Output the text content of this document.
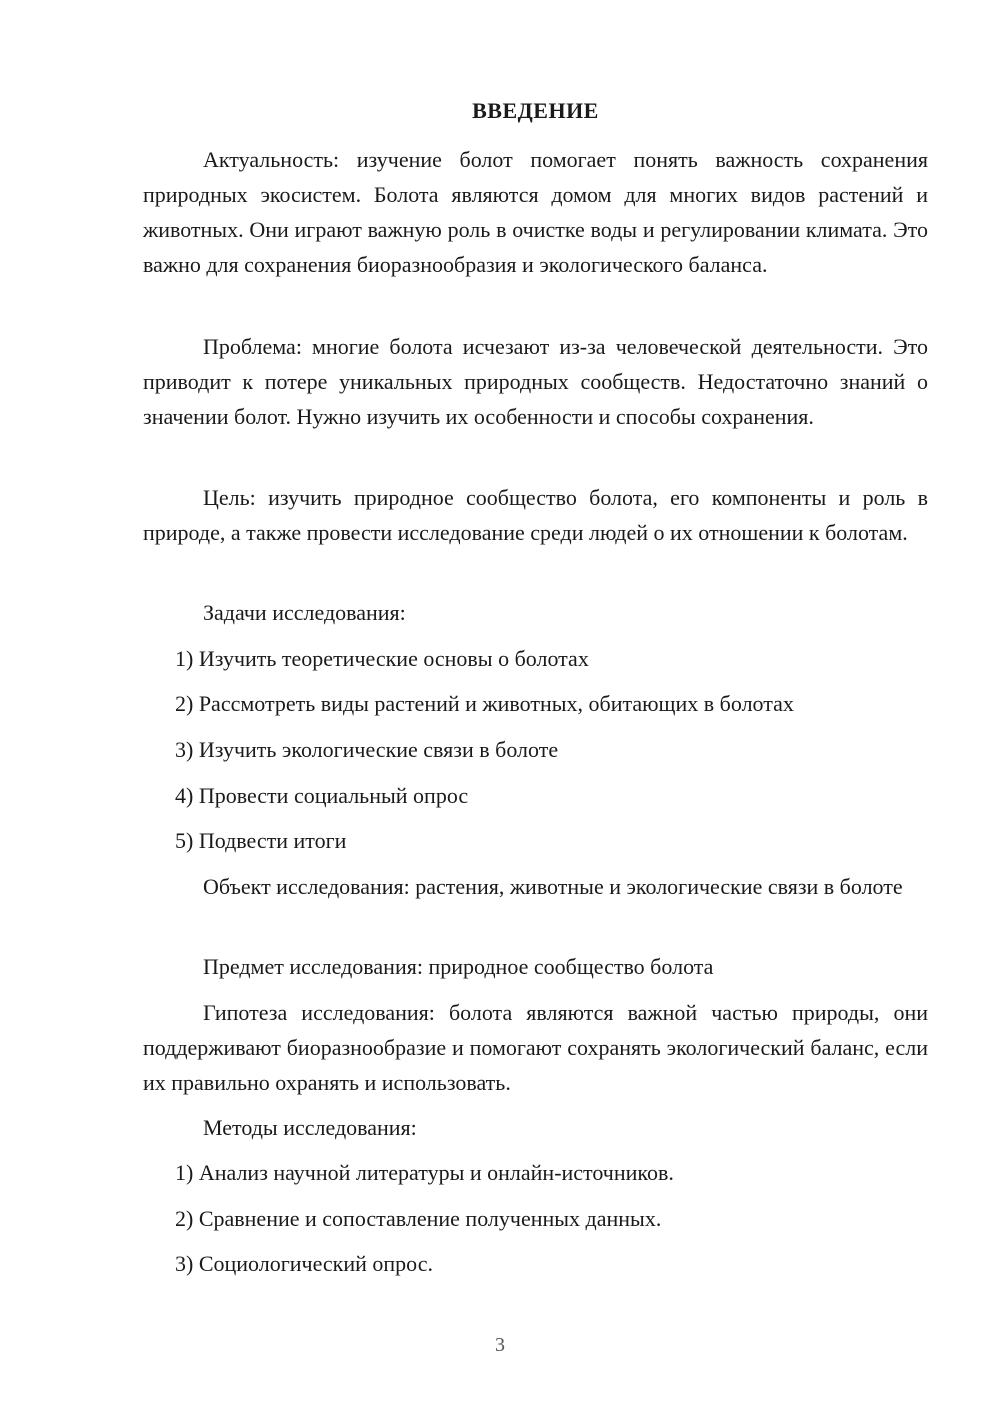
ВВЕДЕНИЕ

Актуальность: изучение болот помогает понять важность сохранения природных экосистем. Болота являются домом для многих видов растений и животных. Они играют важную роль в очистке воды и регулировании климата. Это важно для сохранения биоразнообразия и экологического баланса.

Проблема: многие болота исчезают из-за человеческой деятельности. Это приводит к потере уникальных природных сообществ. Недостаточно знаний о значении болот. Нужно изучить их особенности и способы сохранения.

Цель: изучить природное сообщество болота, его компоненты и роль в природе, а также провести исследование среди людей о их отношении к болотам.

Задачи исследования:

1) Изучить теоретические основы о болотах

2) Рассмотреть виды растений и животных, обитающих в болотах

3) Изучить экологические связи в болоте

4) Провести социальный опрос

5) Подвести итоги

Объект исследования: растения, животные и экологические связи в болоте

Предмет исследования: природное сообщество болота

Гипотеза исследования: болота являются важной частью природы, они поддерживают биоразнообразие и помогают сохранять экологический баланс, если их правильно охранять и использовать.

Методы исследования:

1) Анализ научной литературы и онлайн-источников.

2) Сравнение и сопоставление полученных данных.

3) Социологический опрос.

3
